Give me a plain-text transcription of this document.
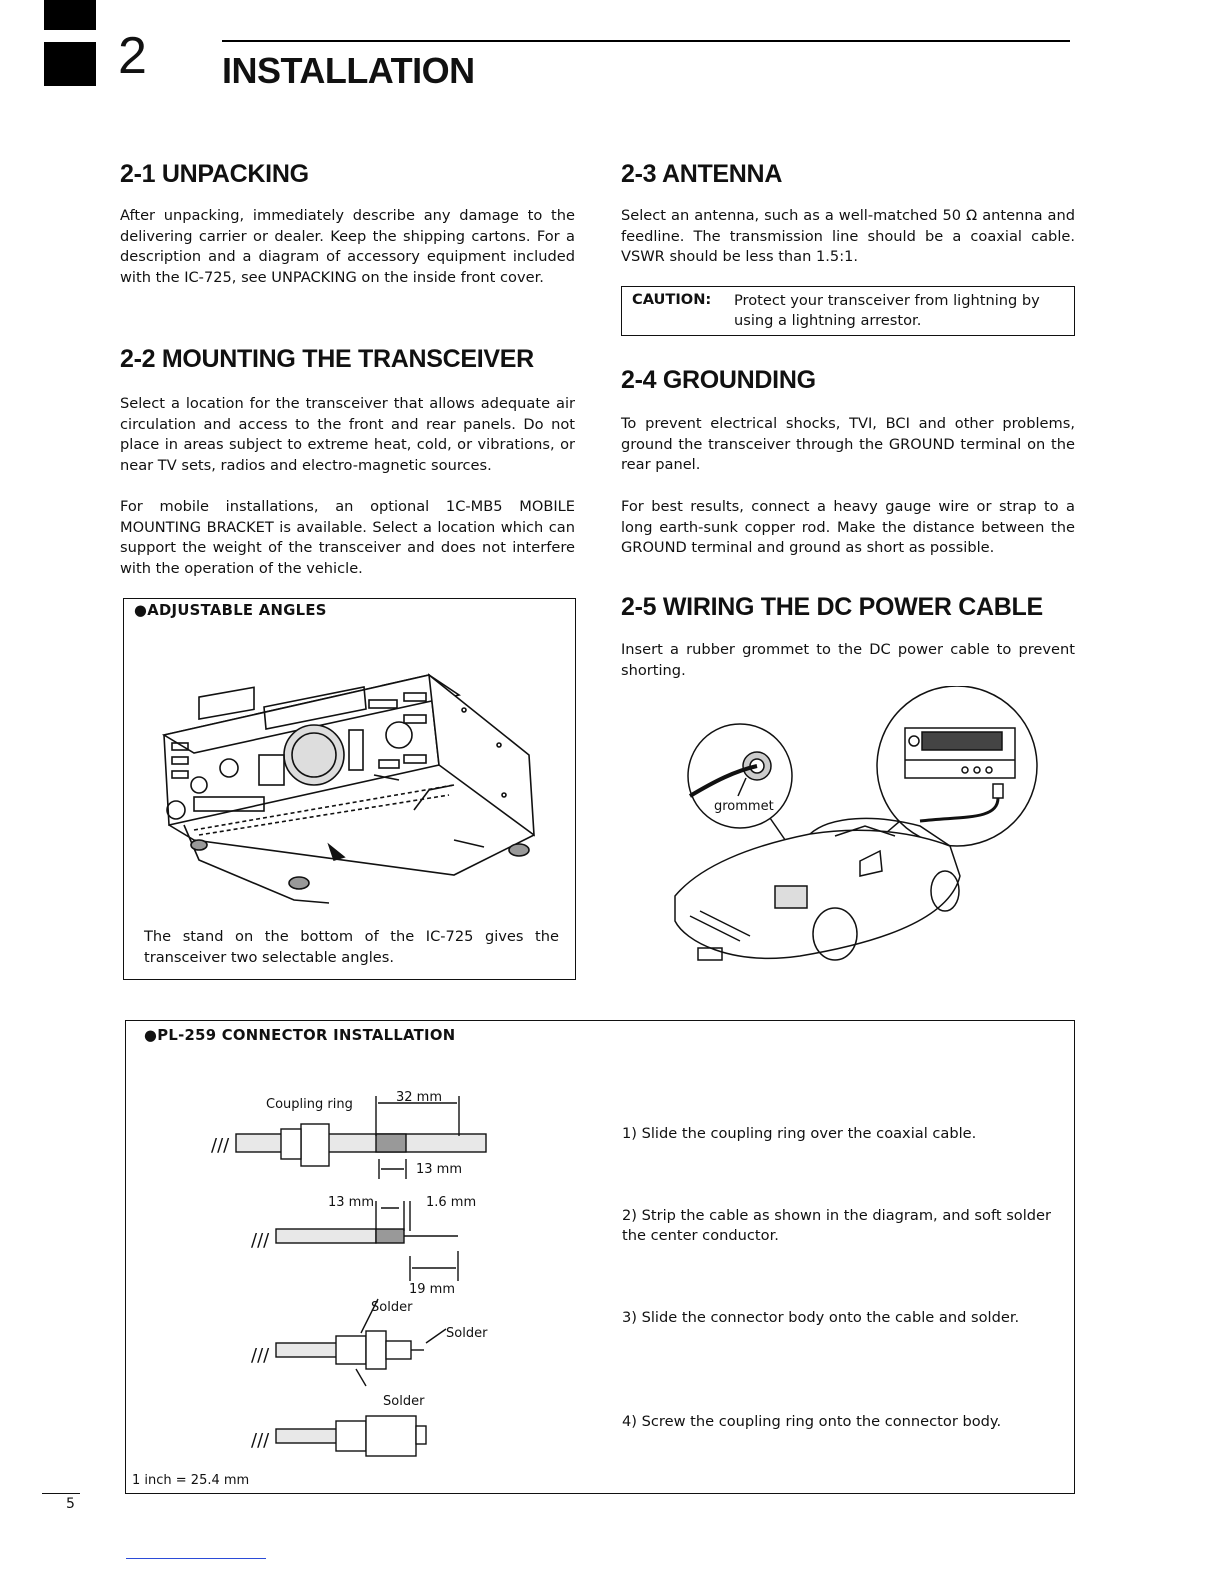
2 INSTALLATION
2-1 UNPACKING
After unpacking, immediately describe any damage to the delivering carrier or dealer. Keep the shipping cartons. For a description and a diagram of accessory equipment included with the IC-725, see UNPACKING on the inside front cover.
2-2 MOUNTING THE TRANSCEIVER
Select a location for the transceiver that allows adequate air circulation and access to the front and rear panels. Do not place in areas subject to extreme heat, cold, or vibrations, or near TV sets, radios and electro-magnetic sources.
For mobile installations, an optional 1C-MB5 MOBILE MOUNTING BRACKET is available. Select a location which can support the weight of the transceiver and does not interfere with the operation of the vehicle.
●ADJUSTABLE ANGLES
The stand on the bottom of the IC-725 gives the transceiver two selectable angles.
2-3 ANTENNA
Select an antenna, such as a well-matched 50 Ω antenna and feedline. The transmission line should be a coaxial cable. VSWR should be less than 1.5:1.
CAUTION: Protect your transceiver from lightning by using a lightning arrestor.
2-4 GROUNDING
To prevent electrical shocks, TVI, BCI and other problems, ground the transceiver through the GROUND terminal on the rear panel.
For best results, connect a heavy gauge wire or strap to a long earth-sunk copper rod. Make the distance between the GROUND terminal and ground as short as possible.
2-5 WIRING THE DC POWER CABLE
Insert a rubber grommet to the DC power cable to prevent shorting.
grommet
●PL-259 CONNECTOR INSTALLATION
///
///
///
///
Coupling ring	32 mm
13 mm
13 mm	1.6 mm
19 mm
Solder
Solder
Solder
1) Slide the coupling ring over the coaxial cable.
2) Strip the cable as shown in the diagram, and soft solder the center conductor.
3) Slide the connector body onto the cable and solder.
4) Screw the coupling ring onto the connector body.
1 inch = 25.4 mm
5
